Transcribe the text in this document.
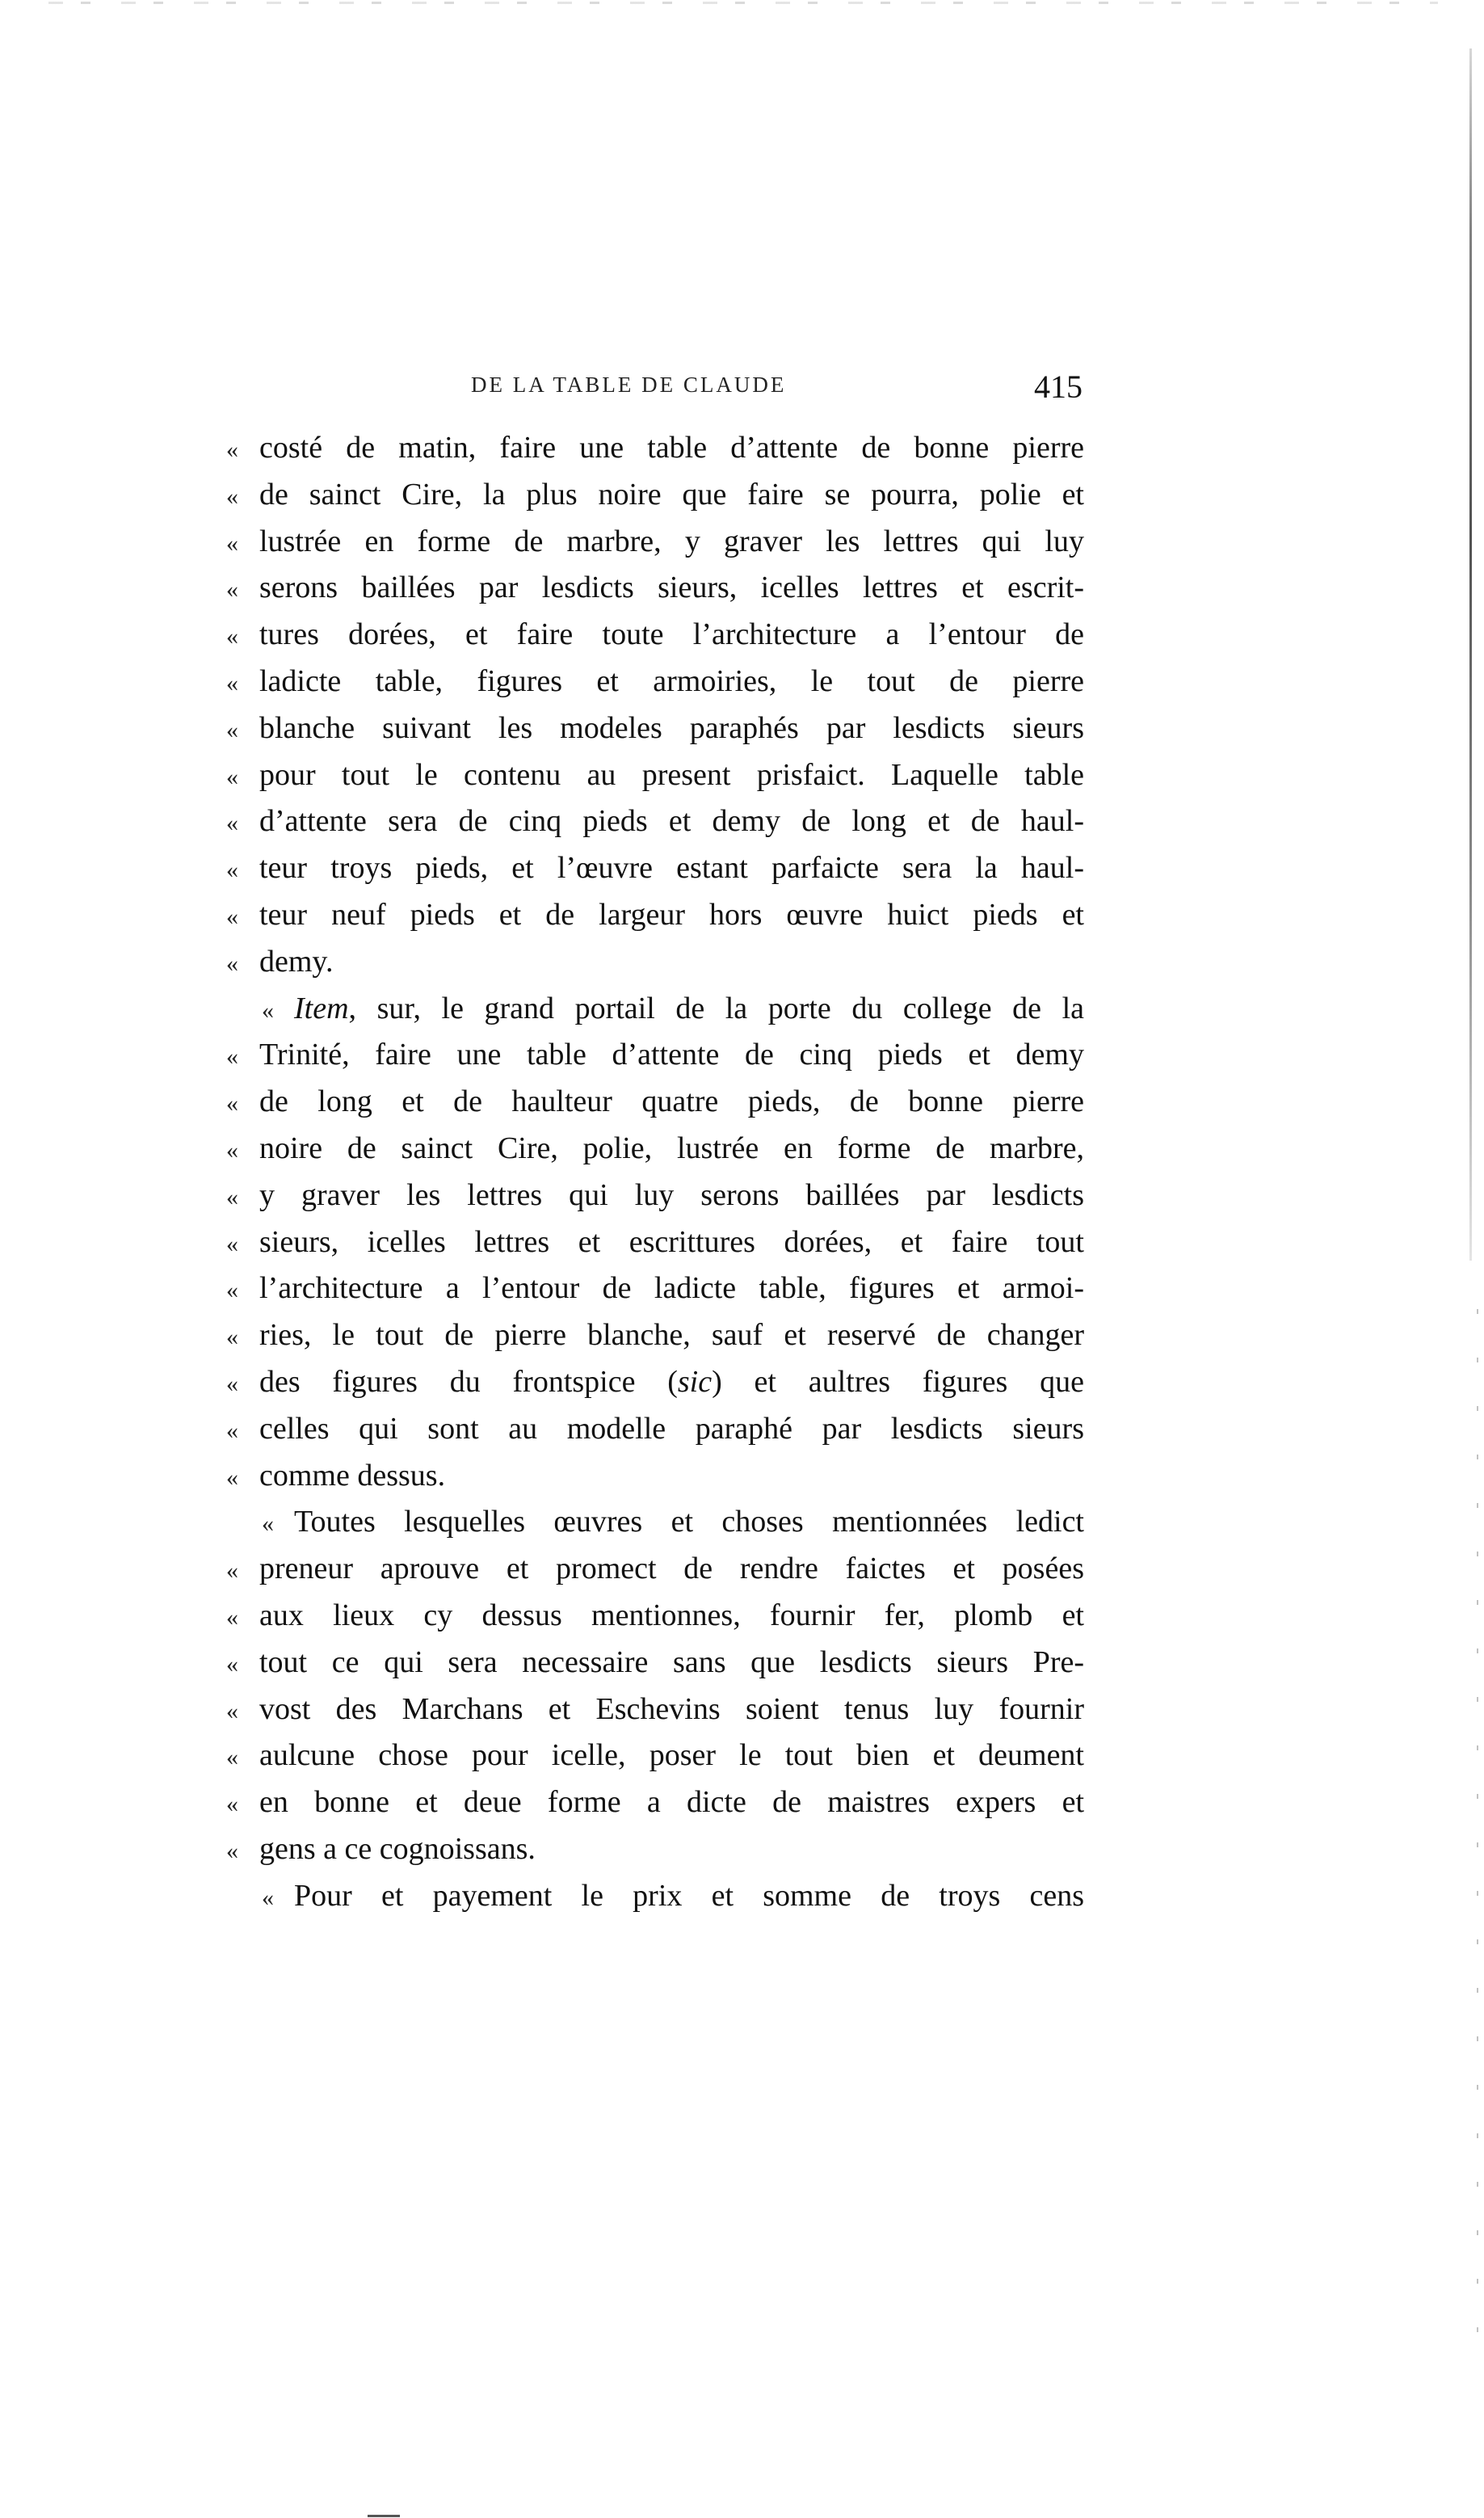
DE LA TABLE DE CLAUDE	415
« costé de matin, faire une table d’attente de bonne pierre
« de sainct Cire, la plus noire que faire se pourra, polie et
« lustrée en forme de marbre, y graver les lettres qui luy
« serons baillées par lesdicts sieurs, icelles lettres et escrit-
« tures dorées, et faire toute l’architecture a l’entour de
« ladicte table, figures et armoiries, le tout de pierre
« blanche suivant les modeles paraphés par lesdicts sieurs
« pour tout le contenu au present prisfaict. Laquelle table
« d’attente sera de cinq pieds et demy de long et de haul-
« teur troys pieds, et l’œuvre estant parfaicte sera la haul-
« teur neuf pieds et de largeur hors œuvre huict pieds et
« demy.
« Item, sur, le grand portail de la porte du college de la
« Trinité, faire une table d’attente de cinq pieds et demy
« de long et de haulteur quatre pieds, de bonne pierre
« noire de sainct Cire, polie, lustrée en forme de marbre,
« y graver les lettres qui luy serons baillées par lesdicts
« sieurs, icelles lettres et escrittures dorées, et faire tout
« l’architecture a l’entour de ladicte table, figures et armoi-
« ries, le tout de pierre blanche, sauf et reservé de changer
« des figures du frontspice (sic) et aultres figures que
« celles qui sont au modelle paraphé par lesdicts sieurs
« comme dessus.
« Toutes lesquelles œuvres et choses mentionnées ledict
« preneur aprouve et promect de rendre faictes et posées
« aux lieux cy dessus mentionnes, fournir fer, plomb et
« tout ce qui sera necessaire sans que lesdicts sieurs Pre-
« vost des Marchans et Eschevins soient tenus luy fournir
« aulcune chose pour icelle, poser le tout bien et deument
« en bonne et deue forme a dicte de maistres expers et
« gens a ce cognoissans.
« Pour et payement le prix et somme de troys cens
